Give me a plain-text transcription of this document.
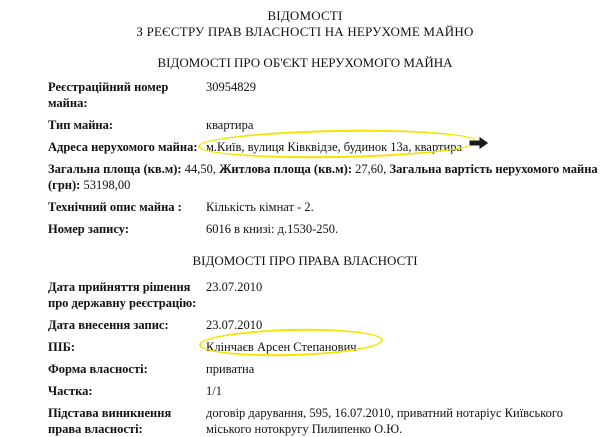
ВІДОМОСТІ
З РЕЄСТРУ ПРАВ ВЛАСНОСТІ НА НЕРУХОМЕ МАЙНО
ВІДОМОСТІ ПРО ОБ'ЄКТ НЕРУХОМОГО МАЙНА
Реєстраційний номер майна:
30954829
Тип майна:	квартира
Адреса нерухомого майна: м.Київ, вулиця Ківквідзе, будинок 13а, квартира
Загальна площа (кв.м): 44,50, Житлова площа (кв.м): 27,60, Загальна вартість нерухомого майна (грн): 53198,00
Технічний опис майна :	Кількість кімнат - 2.
Номер запису:	6016 в книзі: д.1530-250.
ВІДОМОСТІ ПРО ПРАВА ВЛАСНОСТІ
Дата прийняття рішення про державну реєстрацію:
23.07.2010
Дата внесення запис:	23.07.2010
ПІБ:	Клінчаєв Арсен Степанович
Форма власності:	приватна
Частка:	1/1
Підстава виникнення права власності:
договір дарування, 595, 16.07.2010, приватний нотаріус Київського міського нотокругу Пилипенко О.Ю.
